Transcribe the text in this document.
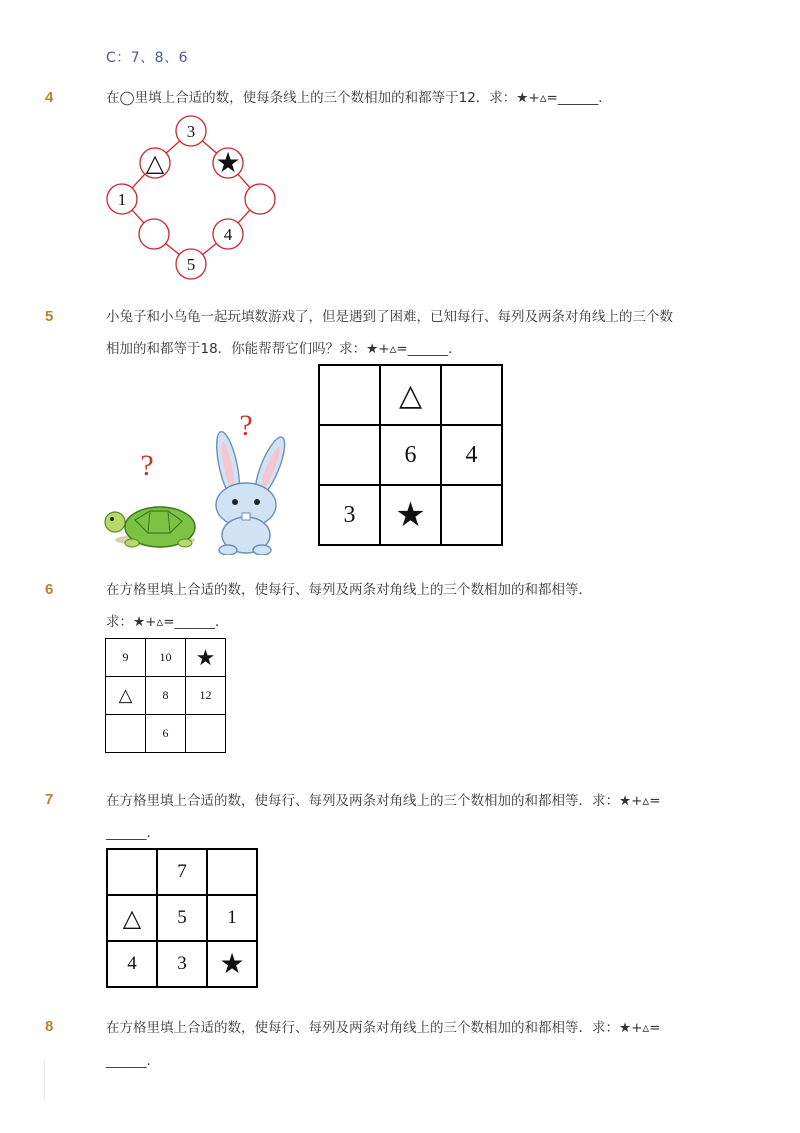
C：7、8、6
4	在◯里填上合适的数，使每条线上的三个数相加的和都等于12．求：★+▵=______．
3
△ ★
1
4
5
5	小兔子和小乌龟一起玩填数游戏了，但是遇到了困难，已知每行、每列及两条对角线上的三个数
相加的和都等于18．你能帮帮它们吗？求：★+▵=______．
?
?
	△	
	6	4
3	★	
6	在方格里填上合适的数，使每行、每列及两条对角线上的三个数相加的和都相等．
求：★+▵=______．
9	10	★
△	8	12
	6	
7	在方格里填上合适的数，使每行、每列及两条对角线上的三个数相加的和都相等．求：★+▵=
______．
	7	
△	5	1
4	3	★
8	在方格里填上合适的数，使每行、每列及两条对角线上的三个数相加的和都相等．求：★+▵=
______．
